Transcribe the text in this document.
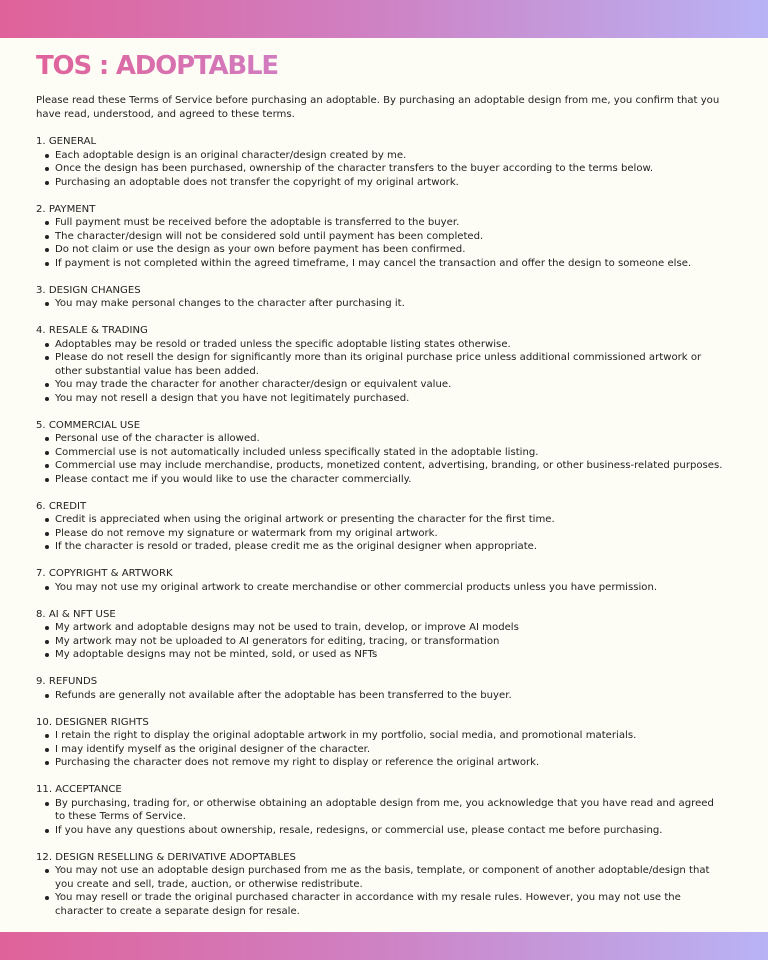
TOS : ADOPTABLE

Please read these Terms of Service before purchasing an adoptable. By purchasing an adoptable design from me, you confirm that you have read, understood, and agreed to these terms.

1. GENERAL

Each adoptable design is an original character/design created by me.
Once the design has been purchased, ownership of the character transfers to the buyer according to the terms below.
Purchasing an adoptable does not transfer the copyright of my original artwork.

2. PAYMENT

Full payment must be received before the adoptable is transferred to the buyer.
The character/design will not be considered sold until payment has been completed.
Do not claim or use the design as your own before payment has been confirmed.
If payment is not completed within the agreed timeframe, I may cancel the transaction and offer the design to someone else.

3. DESIGN CHANGES

You may make personal changes to the character after purchasing it.

4. RESALE & TRADING

Adoptables may be resold or traded unless the specific adoptable listing states otherwise.
Please do not resell the design for significantly more than its original purchase price unless additional commissioned artwork or other substantial value has been added.
You may trade the character for another character/design or equivalent value.
You may not resell a design that you have not legitimately purchased.

5. COMMERCIAL USE

Personal use of the character is allowed.
Commercial use is not automatically included unless specifically stated in the adoptable listing.
Commercial use may include merchandise, products, monetized content, advertising, branding, or other business-related purposes.
Please contact me if you would like to use the character commercially.

6. CREDIT

Credit is appreciated when using the original artwork or presenting the character for the first time.
Please do not remove my signature or watermark from my original artwork.
If the character is resold or traded, please credit me as the original designer when appropriate.

7. COPYRIGHT & ARTWORK

You may not use my original artwork to create merchandise or other commercial products unless you have permission.

8. AI & NFT USE

My artwork and adoptable designs may not be used to train, develop, or improve AI models
My artwork may not be uploaded to AI generators for editing, tracing, or transformation
My adoptable designs may not be minted, sold, or used as NFTs

9. REFUNDS

Refunds are generally not available after the adoptable has been transferred to the buyer.

10. DESIGNER RIGHTS

I retain the right to display the original adoptable artwork in my portfolio, social media, and promotional materials.
I may identify myself as the original designer of the character.
Purchasing the character does not remove my right to display or reference the original artwork.

11. ACCEPTANCE

By purchasing, trading for, or otherwise obtaining an adoptable design from me, you acknowledge that you have read and agreed to these Terms of Service.
If you have any questions about ownership, resale, redesigns, or commercial use, please contact me before purchasing.

12. DESIGN RESELLING & DERIVATIVE ADOPTABLES

You may not use an adoptable design purchased from me as the basis, template, or component of another adoptable/design that you create and sell, trade, auction, or otherwise redistribute.
You may resell or trade the original purchased character in accordance with my resale rules. However, you may not use the character to create a separate design for resale.
